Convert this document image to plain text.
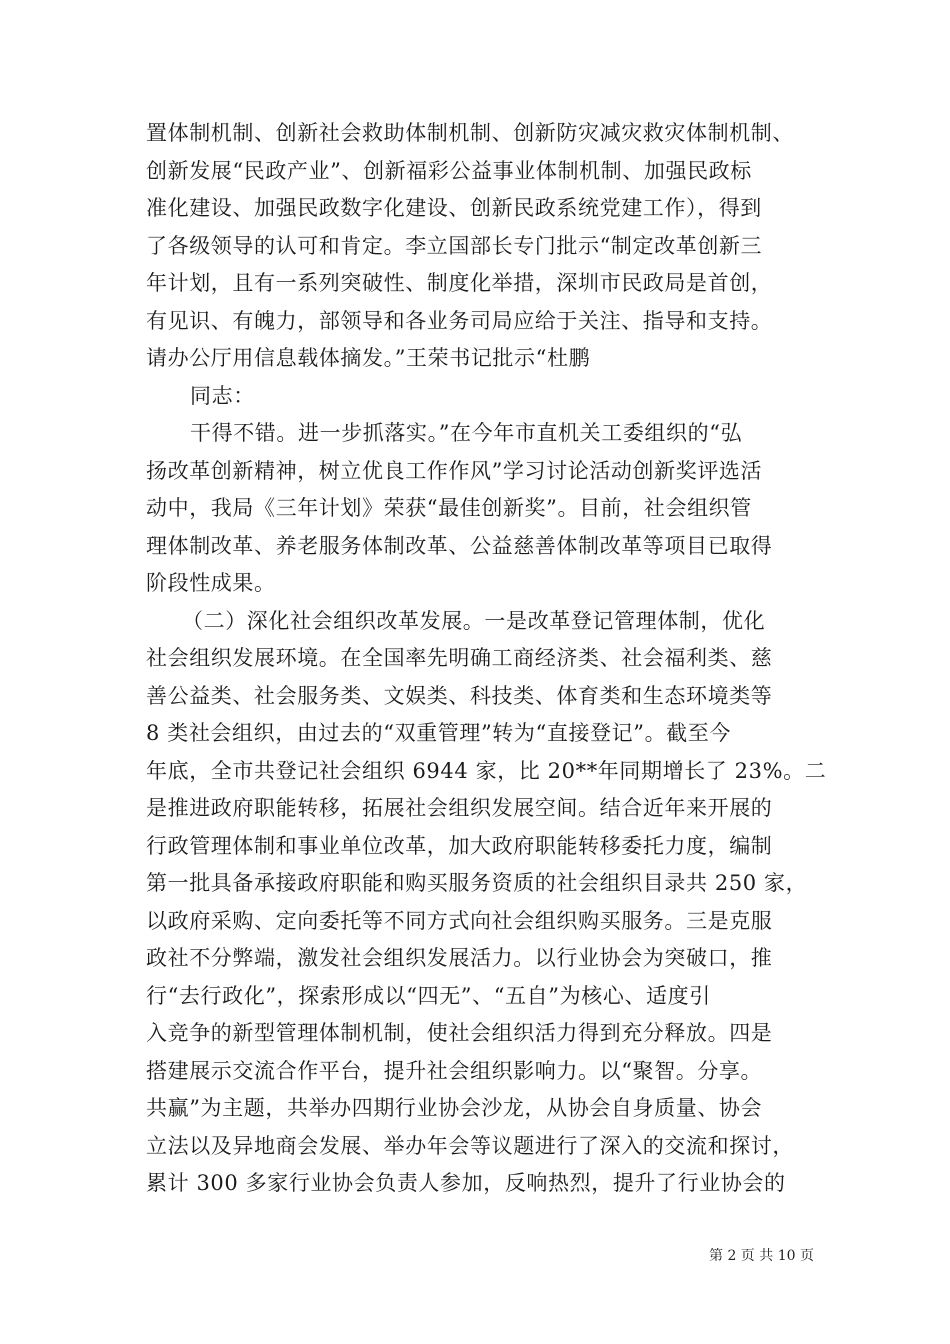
置体制机制、创新社会救助体制机制、创新防灾减灾救灾体制机制、
创新发展“民政产业”、创新福彩公益事业体制机制、加强民政标
准化建设、加强民政数字化建设、创新民政系统党建工作），得到
了各级领导的认可和肯定。李立国部长专门批示“制定改革创新三
年计划，且有一系列突破性、制度化举措，深圳市民政局是首创，
有见识、有魄力，部领导和各业务司局应给于关注、指导和支持。
请办公厅用信息载体摘发。”王荣书记批示“杜鹏
同志：
干得不错。进一步抓落实。”在今年市直机关工委组织的“弘
扬改革创新精神，树立优良工作作风”学习讨论活动创新奖评选活
动中，我局《三年计划》荣获“最佳创新奖”。目前，社会组织管
理体制改革、养老服务体制改革、公益慈善体制改革等项目已取得
阶段性成果。
（二）深化社会组织改革发展。一是改革登记管理体制，优化
社会组织发展环境。在全国率先明确工商经济类、社会福利类、慈
善公益类、社会服务类、文娱类、科技类、体育类和生态环境类等
8 类社会组织，由过去的“双重管理”转为“直接登记”。截至今
年底，全市共登记社会组织 6944 家，比 20**年同期增长了 23%。二
是推进政府职能转移，拓展社会组织发展空间。结合近年来开展的
行政管理体制和事业单位改革，加大政府职能转移委托力度，编制
第一批具备承接政府职能和购买服务资质的社会组织目录共 250 家，
以政府采购、定向委托等不同方式向社会组织购买服务。三是克服
政社不分弊端，激发社会组织发展活力。以行业协会为突破口，推
行“去行政化”，探索形成以“四无”、“五自”为核心、适度引
入竞争的新型管理体制机制，使社会组织活力得到充分释放。四是
搭建展示交流合作平台，提升社会组织影响力。以“聚智。分享。
共赢”为主题，共举办四期行业协会沙龙，从协会自身质量、协会
立法以及异地商会发展、举办年会等议题进行了深入的交流和探讨，
累计 300 多家行业协会负责人参加，反响热烈，提升了行业协会的
第 2 页 共 10 页
